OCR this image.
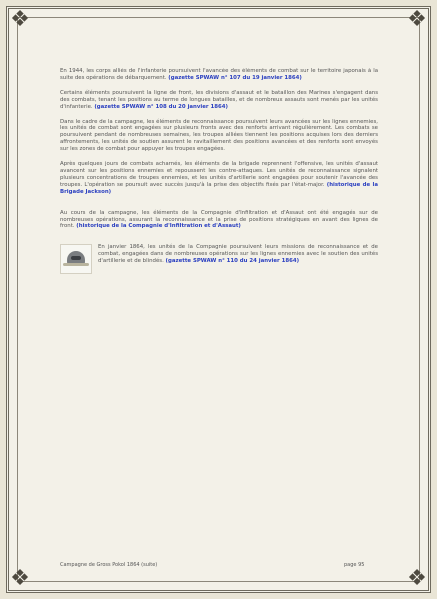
❖	❖
❖	❖

En 1944, les corps alliés de l'infanterie poursuivent l'avancée des éléments de combat sur le territoire japonais à la suite des opérations de débarquement. (gazette SPWAW n° 107 du 19 janvier 1864)

Certains éléments poursuivent la ligne de front, les divisions d'assaut et le bataillon des Marines s'engagent dans des combats, tenant les positions au terme de longues batailles, et de nombreux assauts sont menés par les unités d'infanterie. (gazette SPWAW n° 108 du 20 janvier 1864)

Dans le cadre de la campagne, les éléments de reconnaissance poursuivent leurs avancées sur les lignes ennemies, les unités de combat sont engagées sur plusieurs fronts avec des renforts arrivant régulièrement. Les combats se poursuivent pendant de nombreuses semaines, les troupes alliées tiennent les positions acquises lors des derniers affrontements, les unités de soutien assurent le ravitaillement des positions avancées et des renforts sont envoyés sur les zones de combat pour appuyer les troupes engagées.

Après quelques jours de combats acharnés, les éléments de la brigade reprennent l'offensive, les unités d'assaut avancent sur les positions ennemies et repoussent les contre-attaques. Les unités de reconnaissance signalent plusieurs concentrations de troupes ennemies, et les unités d'artillerie sont engagées pour soutenir l'avancée des troupes. L'opération se poursuit avec succès jusqu'à la prise des objectifs fixés par l'état-major. (historique de la Brigade Jackson)

Au cours de la campagne, les éléments de la Compagnie d'Infiltration et d'Assaut ont été engagés sur de nombreuses opérations, assurant la reconnaissance et la prise de positions stratégiques en avant des lignes de front. (historique de la Compagnie d'Infiltration et d'Assaut)

En janvier 1864, les unités de la Compagnie poursuivent leurs missions de reconnaissance et de combat, engagées dans de nombreuses opérations sur les lignes ennemies avec le soutien des unités d'artillerie et de blindés. (gazette SPWAW n° 110 du 24 janvier 1864)

Campagne de Gross Pokol 1864 (suite)	page 95
